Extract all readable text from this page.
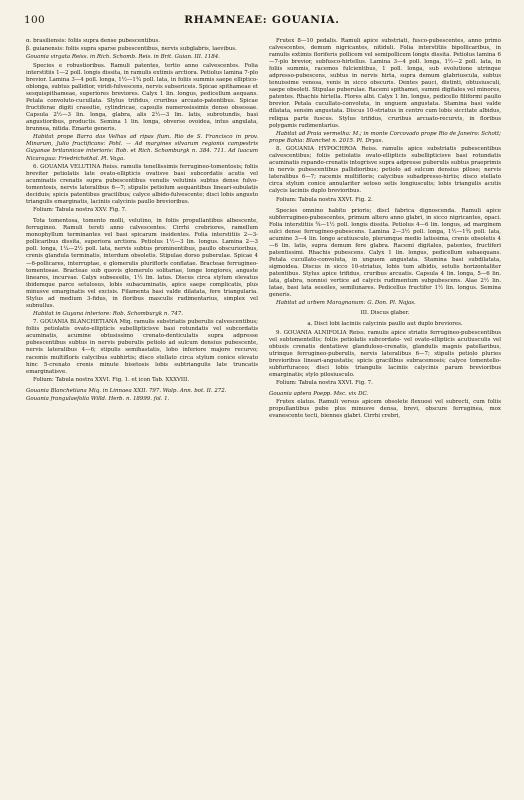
100	RHAMNEAE: GOUANIA.

α. brasiliensis: foliis supra dense pubescentibus.

β. guianensis: foliis supra sparse pubescentibus, nervis subglabris, laevibus.

Gouania virgata Reiss. in Rich. Schomb. Reis. in Brit. Guian. III. 1184.

Species e robustioribus. Ramuli patentes, tertio anno calvescentes. Folia interstitiis 1—2 poll. longis dissita, in ramulis extimis arctiora. Petiolus lamina 7-plo brevior. Lamina 3—4 poll. longa, 1½—1¾ poll. lata, in foliis summis saepe elliptico-oblonga, subtus pallidior, viridi-fulvescens, nervis subsericeis. Spicae spithameae et sesquispithameae, superiores breviores. Calyx 1 lin. longus, pedicellum aequans. Petala convoluto-cucullata. Stylus trifidus, cruribus arcuato-patentibus. Spicae fructiferae digiti crassitie, cylindricae, capsulis numerosissimis denso obsessae. Capsula 2½—3 lin. longa, glabra, alis 2½—3 lin. latis, subrotundis, basi angustioribus, productis. Semina 1 lin. longa, obverse ovoidea, intus angulata, brunnea, nitida. Emarte generis.

Habitat prope Barra das Velhas ad ripas flum. Rio de S. Francisco in prov. Minarum, Julio fructificans: Pohl. — Ad margines silvarum regionis campestris Guyanae britannicae interioris: Rob. et Rich. Schomburgk n. 384. 711. Ad luacum Nicaragua: Friedrichsthal. Pl. Vaga.

6. GOUANIA VELUTINA Reiss. ramulis tenellissimis ferrugineo-tomentosis; foliis breviter petiolatis late ovato-ellipticis ovatisve basi subcordatis acutis vel acuminatis crenatis supra pubescentibus venulis velutinis subtus dense fulvo-tomentosis, nervis lateralibus 6—7; stipulis petiolum aequantibus lineari-subulatis deciduis; spicis patentibus gracilibus; calyce albido-fulvescente; disci lobis angusto triangulis emarginatis, laciniis calycinis paullo brevioribus.

Folium: Tabula nostra XXV. Fig. 7.

Tota tomentosa, tomento molli, velutino, in foliis propullantibus albescente, ferrugineo. Ramuli tereti anno calvescentes. Cirrhi crebriores, ramellum monophyllum terminantes vel basi spicarum insidentes. Folia interstitiis 2—3-pollicaribus dissita, superiora arctiora. Petiolus 1½—3 lin. longus. Lamina 2—3 poll. longa, 1¼—2½ poll. lata, nervis subtus prominentibus, paullo obscurioribus, crenis glandula terminatis, interdum obsoletis. Stipulae dorso puberulae. Spicae 4—6-pollicares, interruptae, e glomerulis pluriflorls conflatae. Bracteae ferrugineo-tomentosae. Bracteae sub quovis glomerulo solitariae, longe longiores, anguste lineares, incurvae. Calyx subsessilis, 1½ lin. latus. Discus circa stylum elevatus ibidemque parce setulosus, lobis subacuminatis, apice saepe complicatis, plus minusve emarginatis vel excisis. Filamenta basi valde dilatata, fere triangularia. Stylus ad medium 3-fidus, in floribus masculis rudimentarius, simplex vel subnullus.

Habitat in Guyana interiore: Rob. Schomburgk n. 747.

7. GOUANIA BLANCHETIANA Miq. ramulis substriatis puberulis calvescentibus; foliis petiolatis ovato-ellipticis subellipticisve basi rotundatis vel subcordatis acuminatis, acumine obtusissimo crenato-denticulatis supra adpresse pubescentibus subtus in nervis puberulis petiolo ad sulcum densius pubescente, nervis lateralibus 4—6; stipulis semihastatis, lobo inferiore majore recurvo; racemis multifloris calycibus subhirtis; disco stellato circa stylum conice elevato hinc 5-crenato crenis minute bisetosis lobis subtriangulis late truncatis emarginatisve.

Folium: Tabula nostra XXVI. Fig. 1. et icon Tab. XXXVIII.

Gouania Blanchetiana Miq. in Linnaea XXII. 797. Walp. Ann. bot. II. 272.

Gouania frangulaefolia Willd. Herb. n. 18999. fol. 1.

Frutex 8—10 pedalis. Ramuli apice substriati, fusco-pubescentes, anno primo calvescentes, demum nigricantes, nitiduli. Folia interstitiis bipollicaribus, in ramulis extimis floriferis pollicem vel semipollicem longis dissita. Petiolus lamina 6—7-plo brevior, subfusco-hirtellus. Lamina 3—4 poll. longa, 1½—2 poll. lata, in foliis summis, racemos fulcientibus, 1 poll. longa, sub evolutione utrinque adpresso-pubescens, subtus in nervis hirta, supra demum glabriuscula, subtus tenuissime venosa, venis in sicco obscuris. Dentes pauci, distinti, obtusiusculi, saepe obsoleti. Stipulae puberulae. Racemi spithamei, summi digitales vel minores, patentes. Rhachis hirtella. Flores albi. Calyx 1 lin. longus, pedicello filiformi paullo brevior. Petala cucullato-convoluta, in unguem angustata. Stamina basi valde dilatata, sensim angustata. Discus 10-striatus in centro cum lobis siccitate albidus, reliqua parte fuscus. Stylus trifidus, cruribus arcuato-recurvis, in floribus polygamis rudimentarius.

Habitat ad Praia vermelha: M.; in monte Corcovado prope Rio de Janeiro: Schott; prope Bahia: Blanchet n. 2015. Pl. Dryas.

8. GOUANIA HYPOCHROA Reiss. ramulis apice substriatis pubescentibus calvescentibus; foliis petiolatis ovato-ellipticis subellipticisve basi rotundatis acuminatis repando-crenatis integrisve supra adpresse puberulis subtus praeprimis in nervis pubescentibus pallidioribus; petiolo ad sulcum densius piloso; nervis lateralibus 6—7; racemis multifloris; calycibus subadpresso-hirtis; disco stellato circa stylum conice annulariter setoso setis longiusculis; lobis triangulis acutis calycis laciniis duplo brevioribus.

Folium: Tabula nostra XXVI. Fig. 2.

Species omnino habitu prioris; discl fabrica dignoscenda. Ramuli apice subferrugineo-pubescentes, primum altero anno glabri, in sicco nigricantes, opaci. Folia interstitiis ¾—1½ poll. longis dissita. Petiolus 4—6 lin. longus, ad marginem sulci dense ferrugineo-pubescens. Lamina 2—3½ poll. longa, 1½—1¾ poll. lata, acumine 3—4 lin. longo acutiusculo, plerumque medio latissima, crenis obsoletis 4—6 lin. latis, supra demum fere glabra. Racemi digitales, patentes, fructiferi patentissimi. Rhachis pubescens. Calyx 1 lin. longus, pedicellum subaequans. Petala cucullato-convoluta, in unguem angustata. Stamina basi subdilatata, sigmoidea. Discus in sicco 10-striatus, lobis tum albidis, setulis horizontaliter patentibus. Stylus apice trifidus, cruribus arcuatis. Capsula 4 lin. longa, 5—6 lin. lata, glabra, nonnisi vertice ad calycis rudimentum subpubescens. Alae 2½ lin. latae, basi lata sessiles, semilunares. Pedicellus fructifer 1½ lin. longus. Semina generis.

Habitat ad urbem Maragnanum: G. Don. Pl. Najas.

III. Discus glaber.

a. Disci lobi laciniis calycinis paullo aut duplo breviores.

9. GOUANIA ALNIFOLIA Reiss. ramulis apice striatis ferrugineo-pubescentibus vel subtomentellis; foliis petiolatis subcordato- vel ovato-ellipticis acutiusculis vel obtusis crenatis dentatisve glanduloso-crenatis, glandulis magnis patellaribus, utrinque ferrugineo-puberulis, nervis lateralibus 6—7; stipulis petiolo pluries brevioribus lineari-angustatis; spicis gracilibus subracemosis; calyce tomentello-subfurfuraceo; disci lobis triangulis laciniis calycinis parum brevioribus emarginatis; stylo pilosiusculo.

Folium: Tabula nostra XXVI. Fig. 7.

Gouania aptera Poepp. Msc. vix DC.

Frutex elatus. Ramuli versus apicem obsolete flexuosi vel subrecti, cum foliis propullantibus pube plus minusve densa, brevi, obscure ferruginea, mox evanescente tecti, biennes glabri. Cirrhi crebri,
